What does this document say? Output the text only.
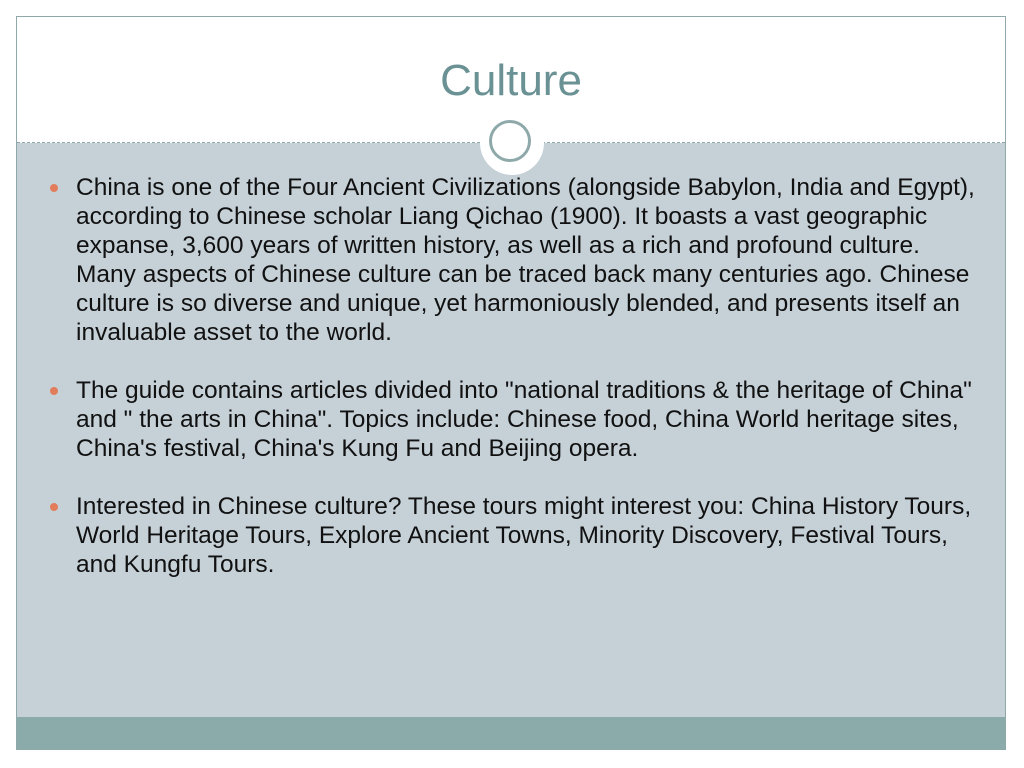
Culture
China is one of the Four Ancient Civilizations (alongside Babylon, India and Egypt), according to Chinese scholar Liang Qichao (1900). It boasts a vast geographic expanse, 3,600 years of written history, as well as a rich and profound culture. Many aspects of Chinese culture can be traced back many centuries ago. Chinese culture is so diverse and unique, yet harmoniously blended, and presents itself an invaluable asset to the world.
The guide contains articles divided into "national traditions & the heritage of China" and " the arts in China". Topics include: Chinese food, China World heritage sites, China's festival, China's Kung Fu and Beijing opera.
Interested in Chinese culture? These tours might interest you: China History Tours, World Heritage Tours, Explore Ancient Towns, Minority Discovery, Festival Tours, and Kungfu Tours.
